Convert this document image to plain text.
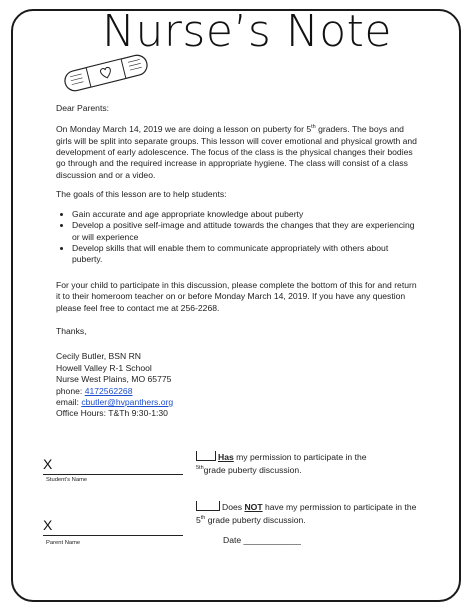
Nurse’s Note

Dear Parents:

On Monday March 14, 2019 we are doing a lesson on puberty for 5th graders. The boys and girls will be split into separate groups. This lesson will cover emotional and physical growth and development of early adolescence. The focus of the class is the physical changes their bodies go through and the required increase in appropriate hygiene. The class will consist of a class discussion and or a video.

The goals of this lesson are to help students:

• Gain accurate and age appropriate knowledge about puberty
• Develop a positive self-image and attitude towards the changes that they are experiencing or will experience
• Develop skills that will enable them to communicate appropriately with others about puberty.

For your child to participate in this discussion, please complete the bottom of this for and return it to their homeroom teacher on or before Monday March 14, 2019. If you have any question please feel free to contact me at 256-2268.

Thanks,

Cecily Butler, BSN RN
Howell Valley R-1 School
Nurse West Plains, MO 65775
phone: 4172562268
email: cbutler@hvpanthers.org
Office Hours: T&Th 9:30-1:30
X
Student’s Name
X
Parent Name
Has my permission to participate in the
$^{5th}$grade puberty discussion.
Does NOT have my permission to participate in the 5th grade puberty discussion.
Date ____________
